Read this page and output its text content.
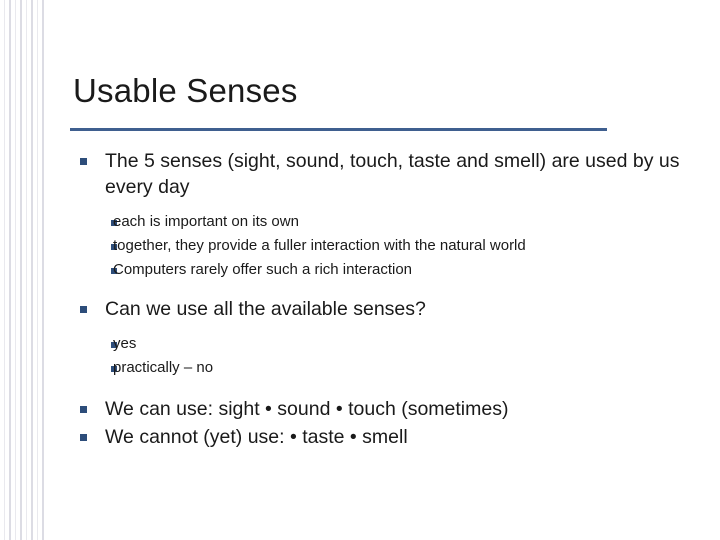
Usable Senses
The 5 senses (sight, sound, touch, taste and smell) are used by us every day
each is important on its own
together, they provide a fuller interaction with the natural world
Computers rarely offer such a rich interaction
Can we use all the available senses?
yes
practically – no
We can use: sight • sound • touch (sometimes)
We cannot (yet) use: • taste • smell
